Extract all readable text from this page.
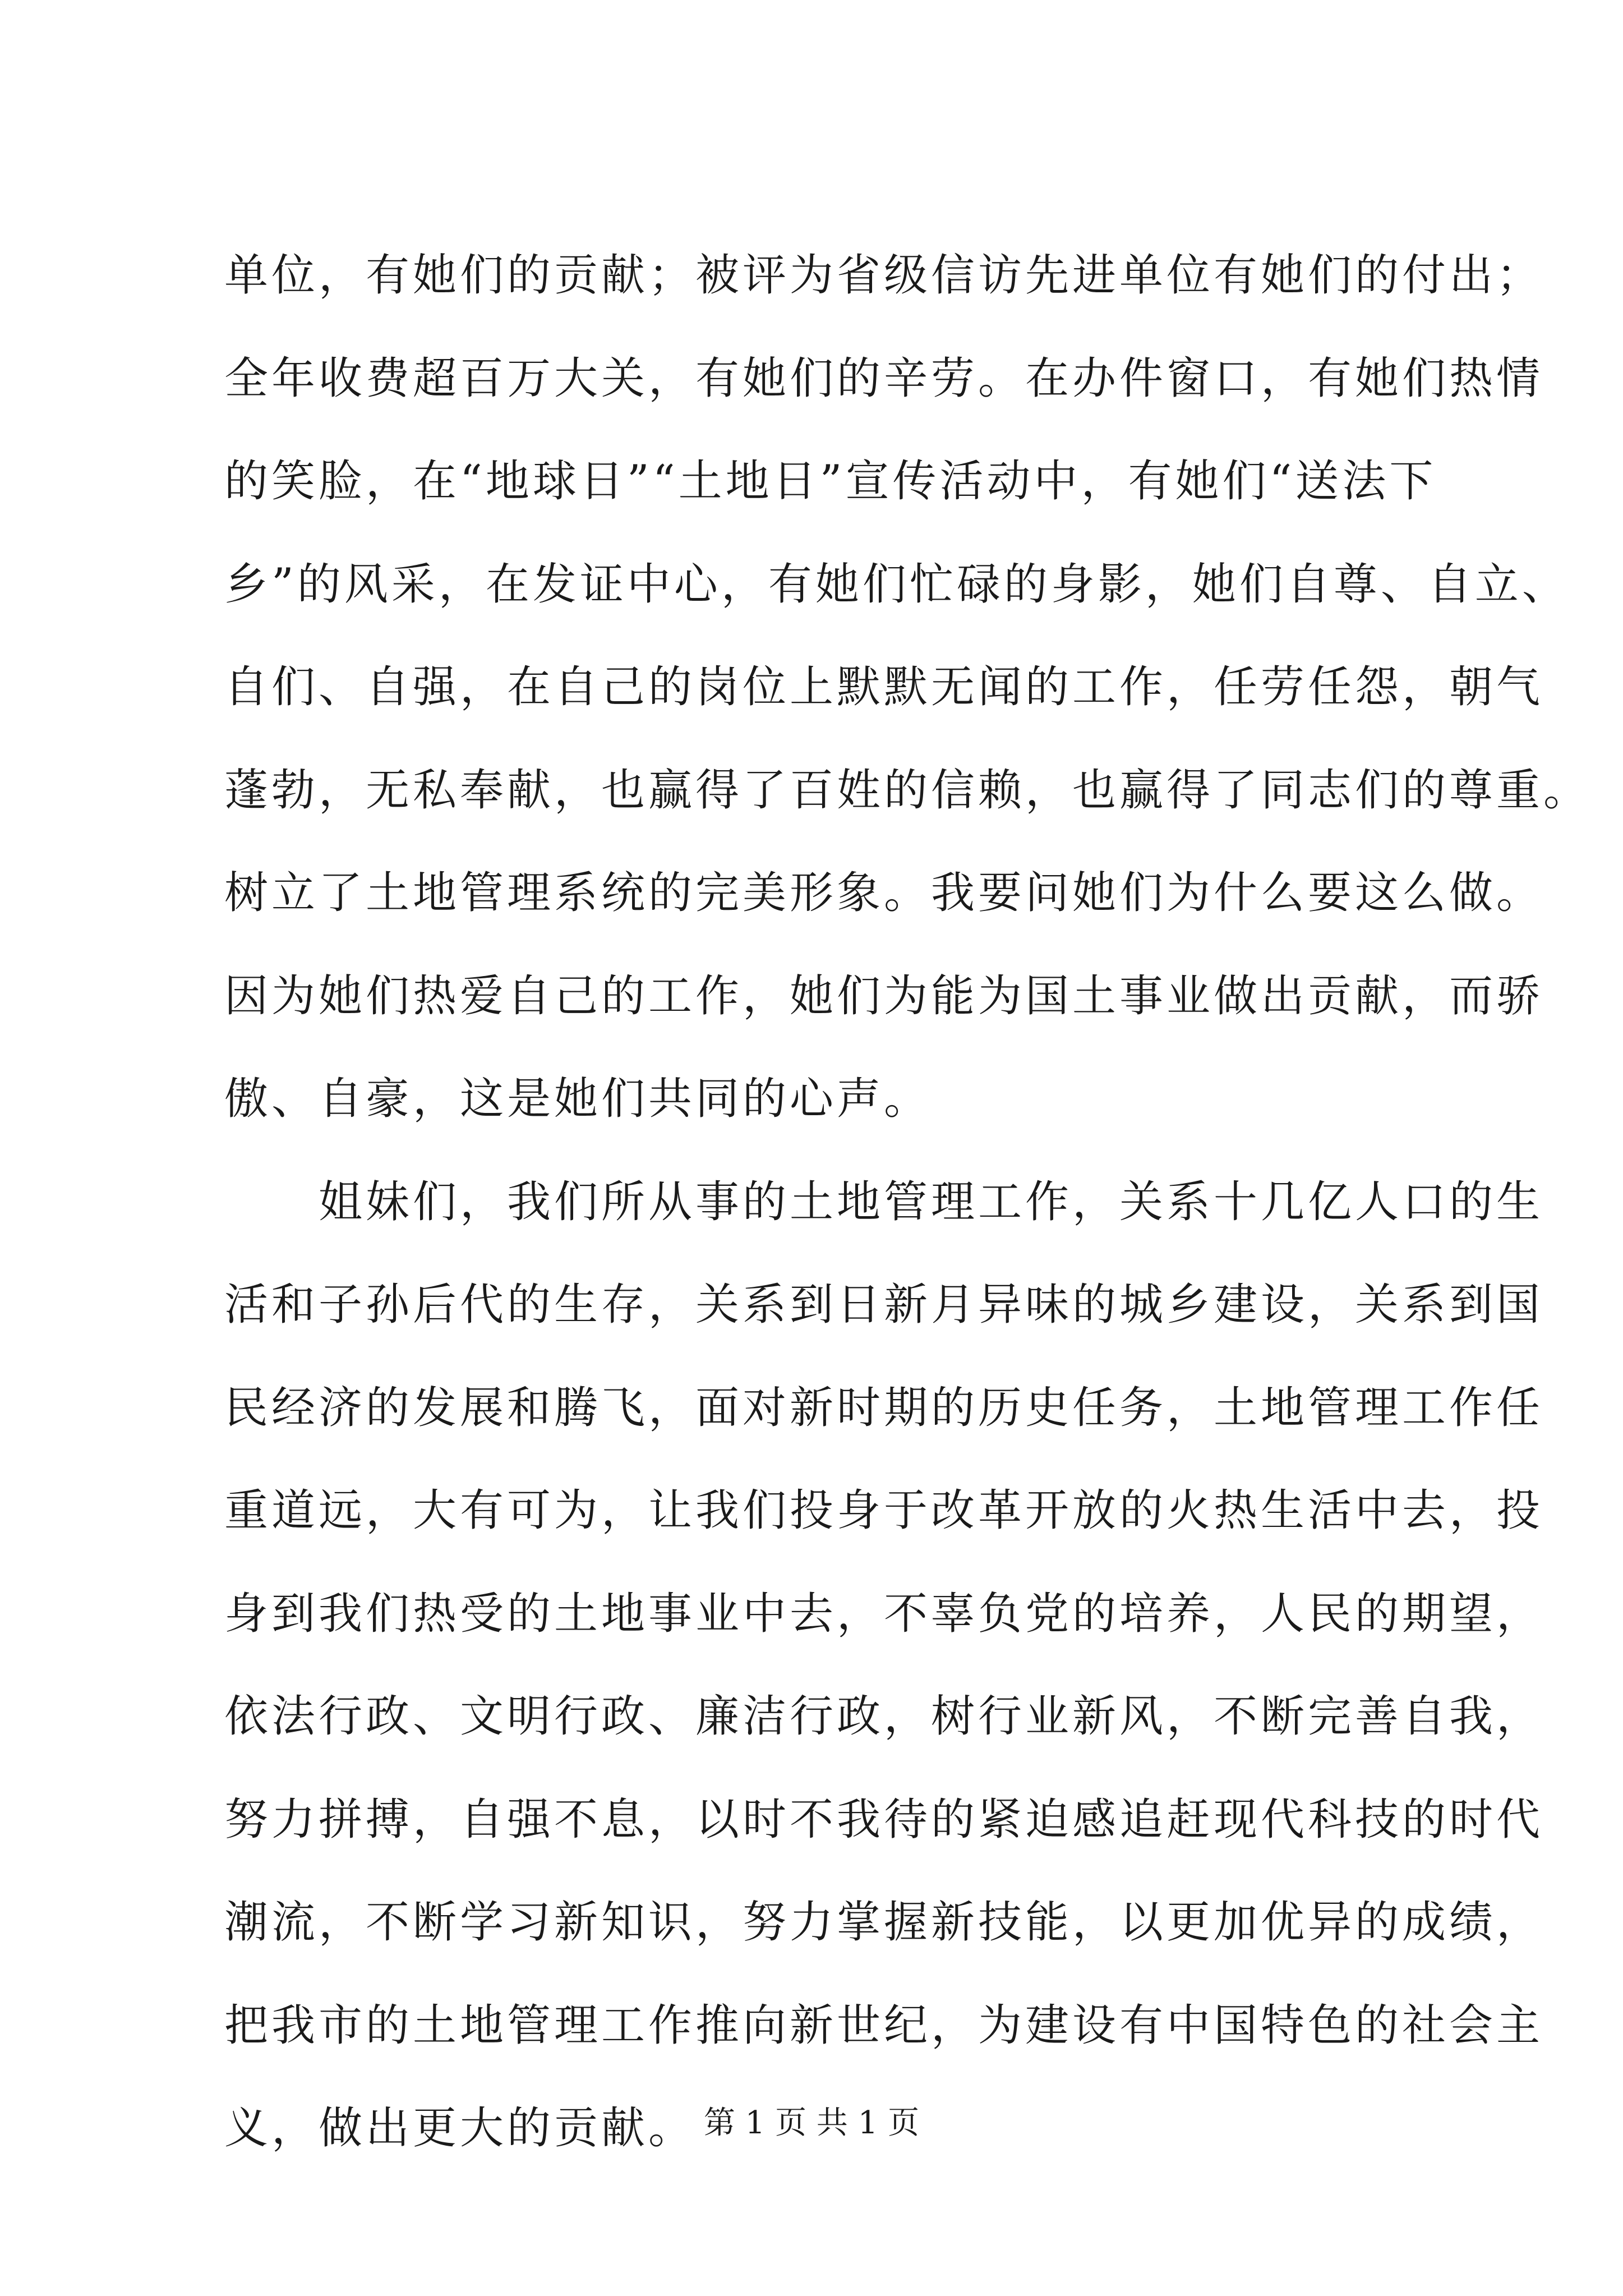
单位，有她们的贡献；被评为省级信访先进单位有她们的付出；
全年收费超百万大关，有她们的辛劳。在办件窗口，有她们热情
的笑脸，在“地球日”“土地日”宣传活动中，有她们“送法下
乡”的风采，在发证中心，有她们忙碌的身影，她们自尊、自立、
自们、自强，在自己的岗位上默默无闻的工作，任劳任怨，朝气
蓬勃，无私奉献，也赢得了百姓的信赖，也赢得了同志们的尊重。
树立了土地管理系统的完美形象。我要问她们为什么要这么做。
因为她们热爱自己的工作，她们为能为国土事业做出贡献，而骄
傲、自豪，这是她们共同的心声。
姐妹们，我们所从事的土地管理工作，关系十几亿人口的生
活和子孙后代的生存，关系到日新月异味的城乡建设，关系到国
民经济的发展和腾飞，面对新时期的历史任务，土地管理工作任
重道远，大有可为，让我们投身于改革开放的火热生活中去，投
身到我们热受的土地事业中去，不辜负党的培养，人民的期望，
依法行政、文明行政、廉洁行政，树行业新风，不断完善自我，
努力拼搏，自强不息，以时不我待的紧迫感追赶现代科技的时代
潮流，不断学习新知识，努力掌握新技能，以更加优异的成绩，
把我市的土地管理工作推向新世纪，为建设有中国特色的社会主
义，做出更大的贡献。 第 1 页 共 1 页
